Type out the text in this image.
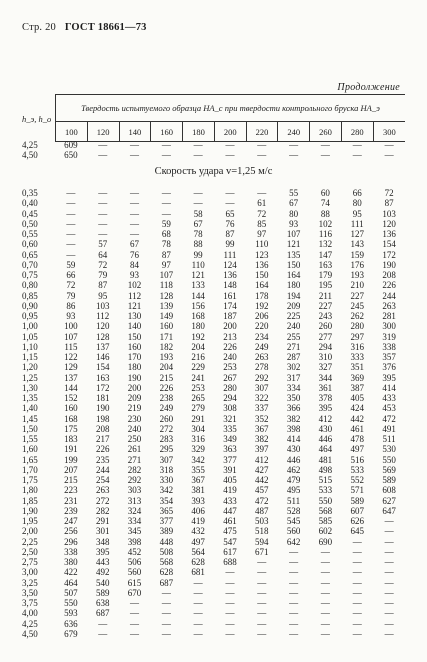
Стр. 20 ГОСТ 18661—73
Продолжение
h_э, h_o
Твердость испытуемого образца HA_c при твердости контрольного бруска HA_э
100	120	140	160	180	200	220	240	260	280	300
4,25	609	—	—	—	—	—	—	—	—	—	—
4,50	650	—	—	—	—	—	—	—	—	—	—
Скорость удара v=1,25 м/с
0,35	—	—	—	—	—	—	—	55	60	66	72
0,40	—	—	—	—	—	—	61	67	74	80	87
0,45	—	—	—	—	58	65	72	80	88	95	103
0,50	—	—	—	59	67	76	85	93	102	111	120
0,55	—	—	—	68	78	87	97	107	116	127	136
0,60	—	57	67	78	88	99	110	121	132	143	154
0,65	—	64	76	87	99	111	123	135	147	159	172
0,70	59	72	84	97	110	124	136	150	163	176	190
0,75	66	79	93	107	121	136	150	164	179	193	208
0,80	72	87	102	118	133	148	164	180	195	210	226
0,85	79	95	112	128	144	161	178	194	211	227	244
0,90	86	103	121	139	156	174	192	209	227	245	263
0,95	93	112	130	149	168	187	206	225	243	262	281
1,00	100	120	140	160	180	200	220	240	260	280	300
1,05	107	128	150	171	192	213	234	255	277	297	319
1,10	115	137	160	182	204	226	249	271	294	316	338
1,15	122	146	170	193	216	240	263	287	310	333	357
1,20	129	154	180	204	229	253	278	302	327	351	376
1,25	137	163	190	215	241	267	292	317	344	369	395
1,30	144	172	200	226	253	280	307	334	361	387	414
1,35	152	181	209	238	265	294	322	350	378	405	433
1,40	160	190	219	249	279	308	337	366	395	424	453
1,45	168	198	230	260	291	321	352	382	412	442	472
1,50	175	208	240	272	304	335	367	398	430	461	491
1,55	183	217	250	283	316	349	382	414	446	478	511
1,60	191	226	261	295	329	363	397	430	464	497	530
1,65	199	235	271	307	342	377	412	446	481	516	550
1,70	207	244	282	318	355	391	427	462	498	533	569
1,75	215	254	292	330	367	405	442	479	515	552	589
1,80	223	263	303	342	381	419	457	495	533	571	608
1,85	231	272	313	354	393	433	472	511	550	589	627
1,90	239	282	324	365	406	447	487	528	568	607	647
1,95	247	291	334	377	419	461	503	545	585	626	—
2,00	256	301	345	389	432	475	518	560	602	645	—
2,25	296	348	398	448	497	547	594	642	690	—	—
2,50	338	395	452	508	564	617	671	—	—	—	—
2,75	380	443	506	568	628	688	—	—	—	—	—
3,00	422	492	560	628	681	—	—	—	—	—	—
3,25	464	540	615	687	—	—	—	—	—	—	—
3,50	507	589	670	—	—	—	—	—	—	—	—
3,75	550	638	—	—	—	—	—	—	—	—	—
4,00	593	687	—	—	—	—	—	—	—	—	—
4,25	636	—	—	—	—	—	—	—	—	—	—
4,50	679	—	—	—	—	—	—	—	—	—	—
